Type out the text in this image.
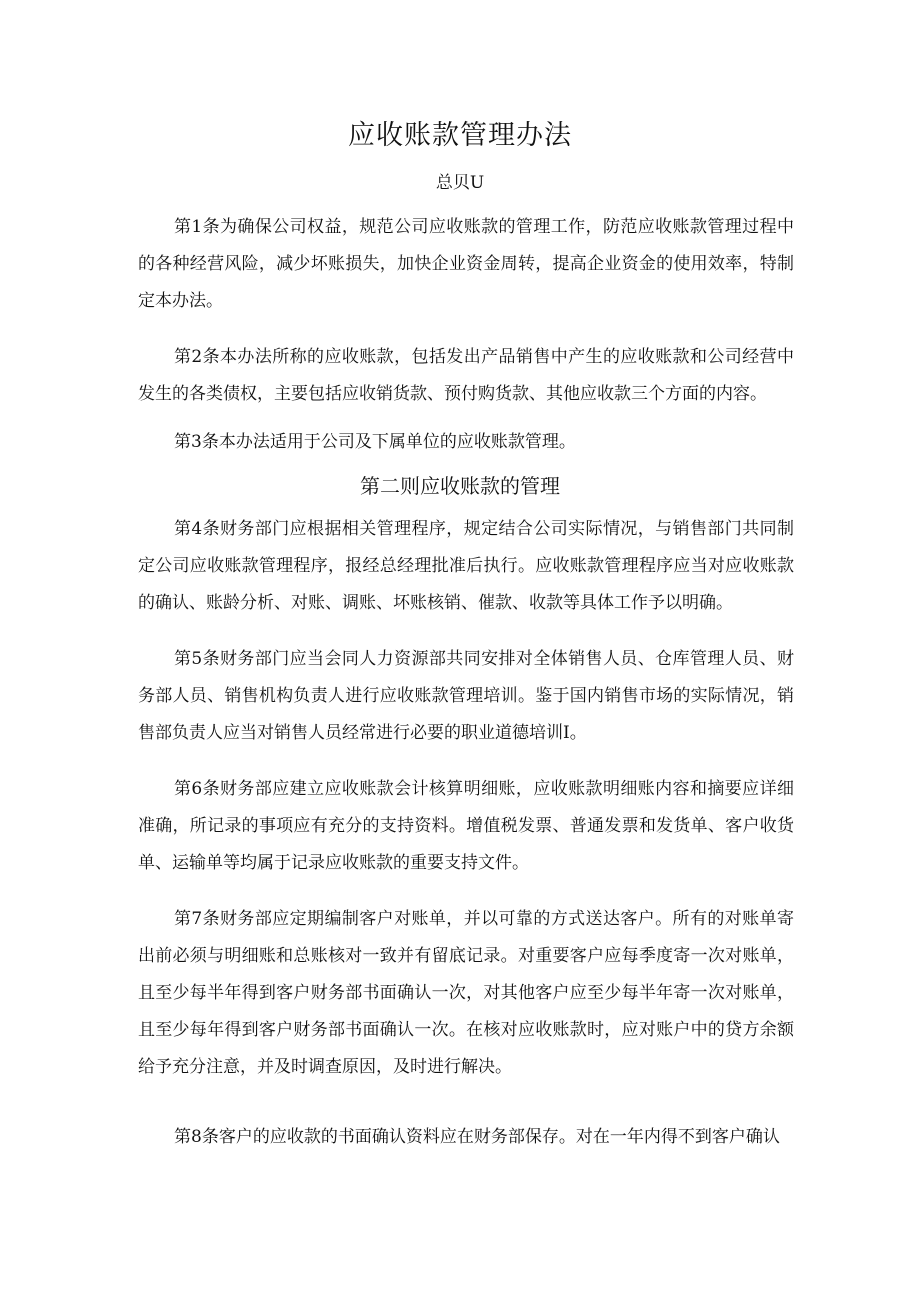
应收账款管理办法
总贝U

第1条为确保公司权益，规范公司应收账款的管理工作，防范应收账款管理过程中的各种经营风险，减少坏账损失，加快企业资金周转，提高企业资金的使用效率，特制定本办法。

第2条本办法所称的应收账款，包括发出产品销售中产生的应收账款和公司经营中发生的各类债权，主要包括应收销货款、预付购货款、其他应收款三个方面的内容。

第3条本办法适用于公司及下属单位的应收账款管理。

第二则应收账款的管理

第4条财务部门应根据相关管理程序，规定结合公司实际情况，与销售部门共同制定公司应收账款管理程序，报经总经理批准后执行。应收账款管理程序应当对应收账款的确认、账龄分析、对账、调账、坏账核销、催款、收款等具体工作予以明确。

第5条财务部门应当会同人力资源部共同安排对全体销售人员、仓库管理人员、财务部人员、销售机构负责人进行应收账款管理培训。鉴于国内销售市场的实际情况，销售部负责人应当对销售人员经常进行必要的职业道德培训I。

第6条财务部应建立应收账款会计核算明细账，应收账款明细账内容和摘要应详细准确，所记录的事项应有充分的支持资料。增值税发票、普通发票和发货单、客户收货单、运输单等均属于记录应收账款的重要支持文件。

第7条财务部应定期编制客户对账单，并以可靠的方式送达客户。所有的对账单寄出前必须与明细账和总账核对一致并有留底记录。对重要客户应每季度寄一次对账单，且至少每半年得到客户财务部书面确认一次，对其他客户应至少每半年寄一次对账单，且至少每年得到客户财务部书面确认一次。在核对应收账款时，应对账户中的贷方余额给予充分注意，并及时调查原因，及时进行解决。

第8条客户的应收款的书面确认资料应在财务部保存。对在一年内得不到客户确认
